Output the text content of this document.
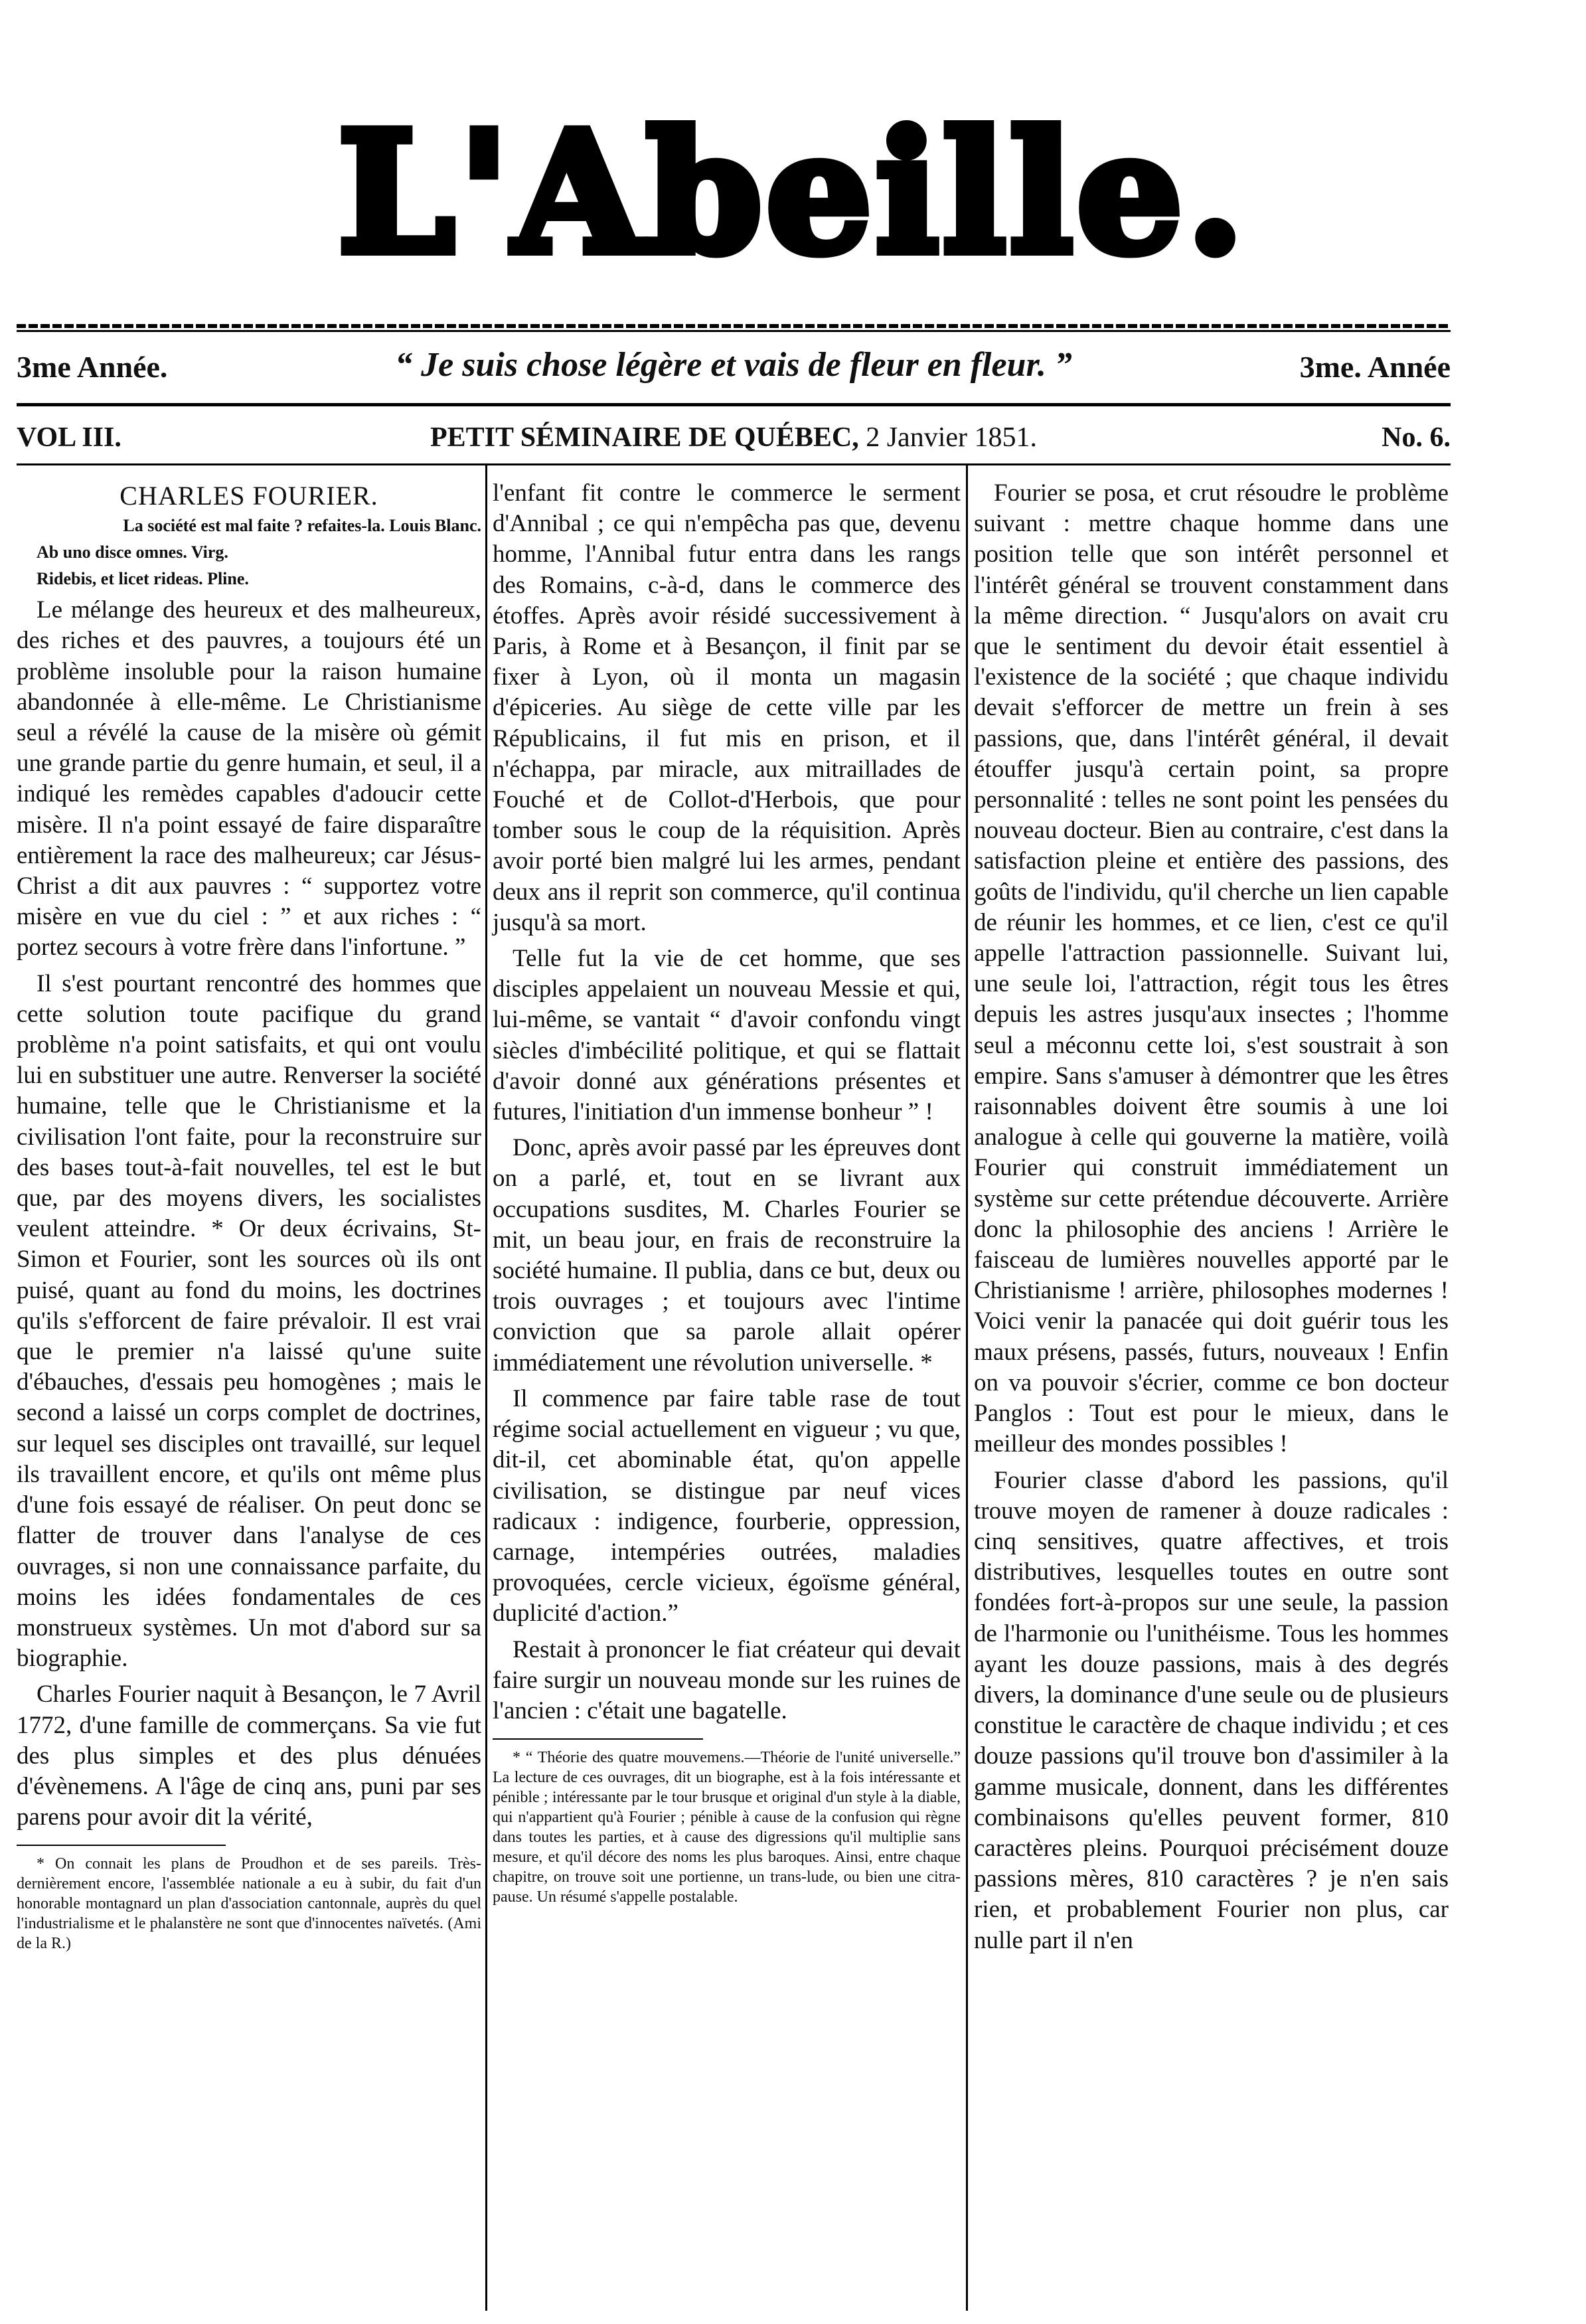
L'Abeille.
3me Année.	“ Je suis chose légère et vais de fleur en fleur. ”	3me. Année
VOL III.	PETIT SÉMINAIRE DE QUÉBEC, 2 Janvier 1851.	No. 6.
CHARLES FOURIER.

La société est mal faite ? refaites-la. Louis Blanc.

Ab uno disce omnes. Virg.

Ridebis, et licet rideas. Pline.

Le mélange des heureux et des malheureux, des riches et des pauvres, a toujours été un problème insoluble pour la raison humaine abandonnée à elle-même. Le Christianisme seul a révélé la cause de la misère où gémit une grande partie du genre humain, et seul, il a indiqué les remèdes capables d'adoucir cette misère. Il n'a point essayé de faire disparaître entièrement la race des malheureux; car Jésus-Christ a dit aux pauvres : “ supportez votre misère en vue du ciel : ” et aux riches : “ portez secours à votre frère dans l'infortune. ”

Il s'est pourtant rencontré des hommes que cette solution toute pacifique du grand problème n'a point satisfaits, et qui ont voulu lui en substituer une autre. Renverser la société humaine, telle que le Christianisme et la civilisation l'ont faite, pour la reconstruire sur des bases tout-à-fait nouvelles, tel est le but que, par des moyens divers, les socialistes veulent atteindre. * Or deux écrivains, St-Simon et Fourier, sont les sources où ils ont puisé, quant au fond du moins, les doctrines qu'ils s'efforcent de faire prévaloir. Il est vrai que le premier n'a laissé qu'une suite d'ébauches, d'essais peu homogènes ; mais le second a laissé un corps complet de doctrines, sur lequel ses disciples ont travaillé, sur lequel ils travaillent encore, et qu'ils ont même plus d'une fois essayé de réaliser. On peut donc se flatter de trouver dans l'analyse de ces ouvrages, si non une connaissance parfaite, du moins les idées fondamentales de ces monstrueux systèmes. Un mot d'abord sur sa biographie.

Charles Fourier naquit à Besançon, le 7 Avril 1772, d'une famille de commerçans. Sa vie fut des plus simples et des plus dénuées d'évènemens. A l'âge de cinq ans, puni par ses parens pour avoir dit la vérité,

* On connait les plans de Proudhon et de ses pareils. Très-dernièrement encore, l'assemblée nationale a eu à subir, du fait d'un honorable montagnard un plan d'association cantonnale, auprès du quel l'industrialisme et le phalanstère ne sont que d'innocentes naïvetés. (Ami de la R.)

l'enfant fit contre le commerce le serment d'Annibal ; ce qui n'empêcha pas que, devenu homme, l'Annibal futur entra dans les rangs des Romains, c-à-d, dans le commerce des étoffes. Après avoir résidé successivement à Paris, à Rome et à Besançon, il finit par se fixer à Lyon, où il monta un magasin d'épiceries. Au siège de cette ville par les Républicains, il fut mis en prison, et il n'échappa, par miracle, aux mitraillades de Fouché et de Collot-d'Herbois, que pour tomber sous le coup de la réquisition. Après avoir porté bien malgré lui les armes, pendant deux ans il reprit son commerce, qu'il continua jusqu'à sa mort.

Telle fut la vie de cet homme, que ses disciples appelaient un nouveau Messie et qui, lui-même, se vantait “ d'avoir confondu vingt siècles d'imbécilité politique, et qui se flattait d'avoir donné aux générations présentes et futures, l'initiation d'un immense bonheur ” !

Donc, après avoir passé par les épreuves dont on a parlé, et, tout en se livrant aux occupations susdites, M. Charles Fourier se mit, un beau jour, en frais de reconstruire la société humaine. Il publia, dans ce but, deux ou trois ouvrages ; et toujours avec l'intime conviction que sa parole allait opérer immédiatement une révolution universelle. *

Il commence par faire table rase de tout régime social actuellement en vigueur ; vu que, dit-il, cet abominable état, qu'on appelle civilisation, se distingue par neuf vices radicaux : indigence, fourberie, oppression, carnage, intempéries outrées, maladies provoquées, cercle vicieux, égoïsme général, duplicité d'action.”

Restait à prononcer le fiat créateur qui devait faire surgir un nouveau monde sur les ruines de l'ancien : c'était une bagatelle.

* “ Théorie des quatre mouvemens.—Théorie de l'unité universelle.” La lecture de ces ouvrages, dit un biographe, est à la fois intéressante et pénible ; intéressante par le tour brusque et original d'un style à la diable, qui n'appartient qu'à Fourier ; pénible à cause de la confusion qui règne dans toutes les parties, et à cause des digressions qu'il multiplie sans mesure, et qu'il décore des noms les plus baroques. Ainsi, entre chaque chapitre, on trouve soit une portienne, un trans-lude, ou bien une citra-pause. Un résumé s'appelle postalable.

Fourier se posa, et crut résoudre le problème suivant : mettre chaque homme dans une position telle que son intérêt personnel et l'intérêt général se trouvent constamment dans la même direction. “ Jusqu'alors on avait cru que le sentiment du devoir était essentiel à l'existence de la société ; que chaque individu devait s'efforcer de mettre un frein à ses passions, que, dans l'intérêt général, il devait étouffer jusqu'à certain point, sa propre personnalité : telles ne sont point les pensées du nouveau docteur. Bien au contraire, c'est dans la satisfaction pleine et entière des passions, des goûts de l'individu, qu'il cherche un lien capable de réunir les hommes, et ce lien, c'est ce qu'il appelle l'attraction passionnelle. Suivant lui, une seule loi, l'attraction, régit tous les êtres depuis les astres jusqu'aux insectes ; l'homme seul a méconnu cette loi, s'est soustrait à son empire. Sans s'amuser à démontrer que les êtres raisonnables doivent être soumis à une loi analogue à celle qui gouverne la matière, voilà Fourier qui construit immédiatement un système sur cette prétendue découverte. Arrière donc la philosophie des anciens ! Arrière le faisceau de lumières nouvelles apporté par le Christianisme ! arrière, philosophes modernes ! Voici venir la panacée qui doit guérir tous les maux présens, passés, futurs, nouveaux ! Enfin on va pouvoir s'écrier, comme ce bon docteur Panglos : Tout est pour le mieux, dans le meilleur des mondes possibles !

Fourier classe d'abord les passions, qu'il trouve moyen de ramener à douze radicales : cinq sensitives, quatre affectives, et trois distributives, lesquelles toutes en outre sont fondées fort-à-propos sur une seule, la passion de l'harmonie ou l'unithéisme. Tous les hommes ayant les douze passions, mais à des degrés divers, la dominance d'une seule ou de plusieurs constitue le caractère de chaque individu ; et ces douze passions qu'il trouve bon d'assimiler à la gamme musicale, donnent, dans les différentes combinaisons qu'elles peuvent former, 810 caractères pleins. Pourquoi précisément douze passions mères, 810 caractères ? je n'en sais rien, et probablement Fourier non plus, car nulle part il n'en
